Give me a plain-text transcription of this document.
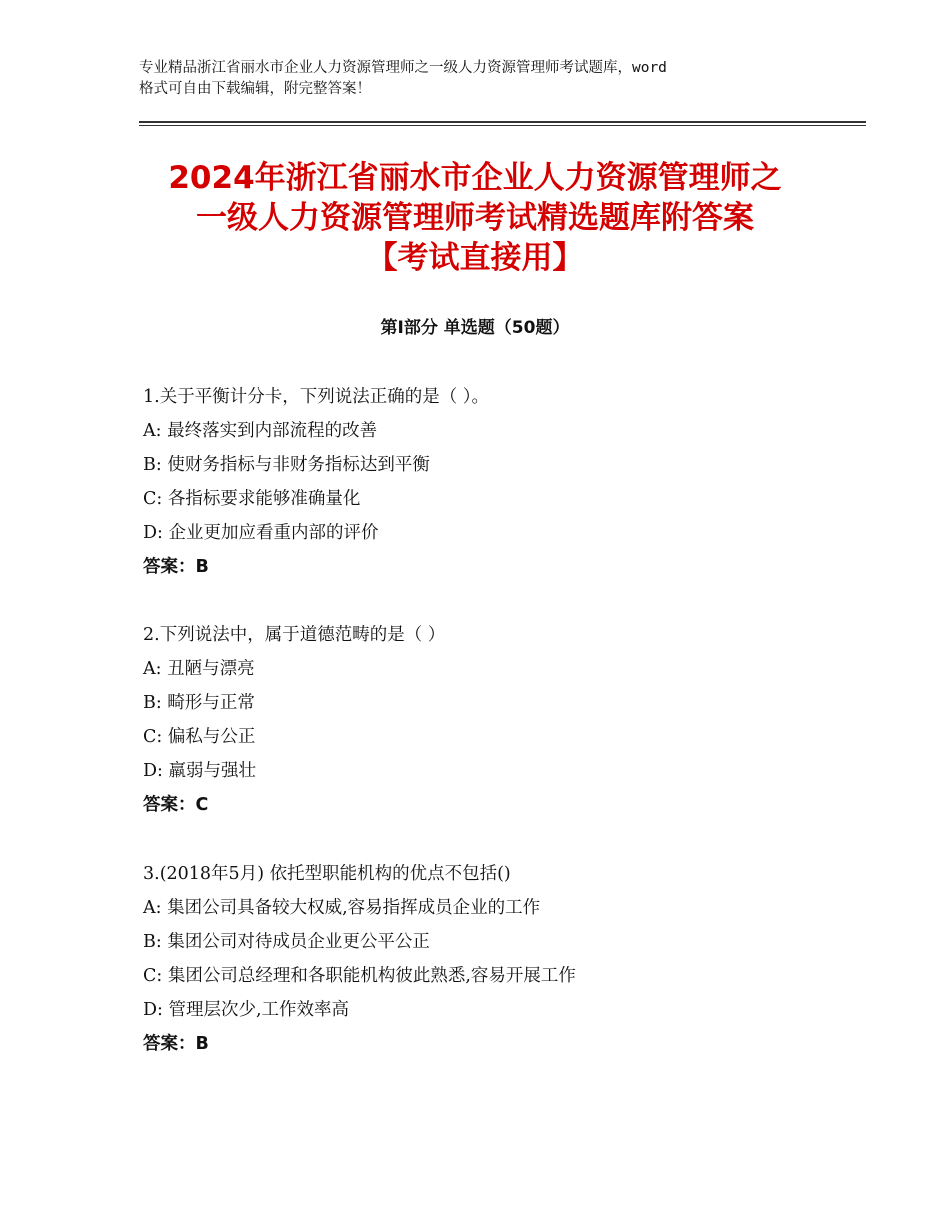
专业精品浙江省丽水市企业人力资源管理师之一级人力资源管理师考试题库，word
格式可自由下载编辑，附完整答案！
2024年浙江省丽水市企业人力资源管理师之
一级人力资源管理师考试精选题库附答案
【考试直接用】
第Ⅰ部分 单选题（50题）
1.关于平衡计分卡，下列说法正确的是（ ）。
A: 最终落实到内部流程的改善
B: 使财务指标与非财务指标达到平衡
C: 各指标要求能够准确量化
D: 企业更加应看重内部的评价
答案：B
2.下列说法中，属于道德范畴的是（ ）
A: 丑陋与漂亮
B: 畸形与正常
C: 偏私与公正
D: 羸弱与强壮
答案：C
3.(2018年5月) 依托型职能机构的优点不包括()
A: 集团公司具备较大权威,容易指挥成员企业的工作
B: 集团公司对待成员企业更公平公正
C: 集团公司总经理和各职能机构彼此熟悉,容易开展工作
D: 管理层次少,工作效率高
答案：B
